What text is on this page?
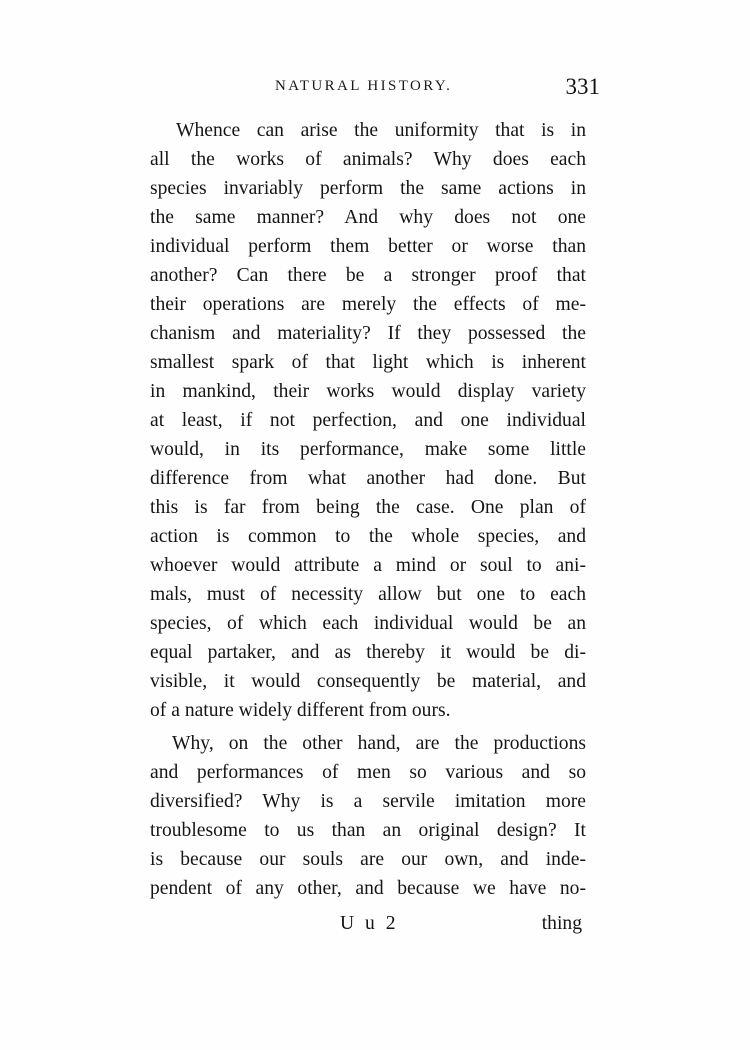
NATURAL HISTORY.	331
Whence can arise the uniformity that is in
all the works of animals? Why does each
species invariably perform the same actions in
the same manner? And why does not one
individual perform them better or worse than
another? Can there be a stronger proof that
their operations are merely the effects of me-
chanism and materiality? If they possessed the
smallest spark of that light which is inherent
in mankind, their works would display variety
at least, if not perfection, and one individual
would, in its performance, make some little
difference from what another had done. But
this is far from being the case. One plan of
action is common to the whole species, and
whoever would attribute a mind or soul to ani-
mals, must of necessity allow but one to each
species, of which each individual would be an
equal partaker, and as thereby it would be di-
visible, it would consequently be material, and
of a nature widely different from ours.
Why, on the other hand, are the productions
and performances of men so various and so
diversified? Why is a servile imitation more
troublesome to us than an original design? It
is because our souls are our own, and inde-
pendent of any other, and because we have no-
U u 2	thing
